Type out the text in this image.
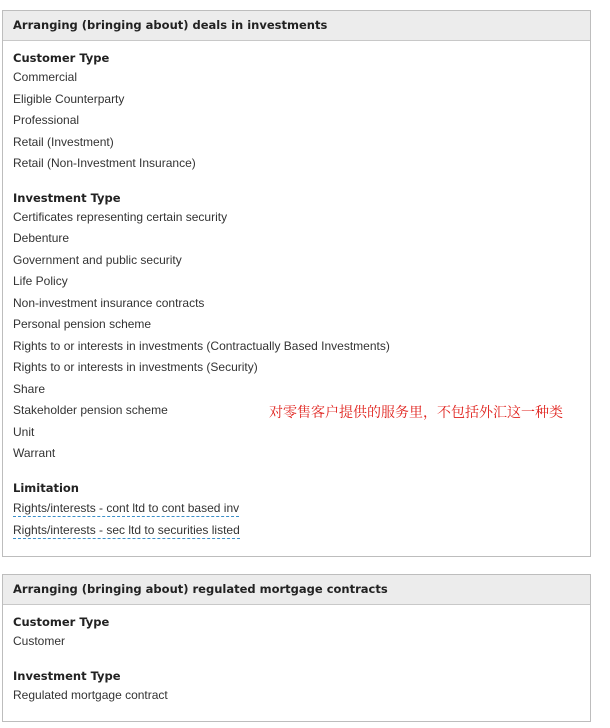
Arranging (bringing about) deals in investments
Customer Type
Commercial
Eligible Counterparty
Professional
Retail (Investment)
Retail (Non-Investment Insurance)
Investment Type
Certificates representing certain security
Debenture
Government and public security
Life Policy
Non-investment insurance contracts
Personal pension scheme
Rights to or interests in investments (Contractually Based Investments)
Rights to or interests in investments (Security)
Share
Stakeholder pension scheme
Unit
Warrant
Limitation
Rights/interests - cont ltd to cont based inv
Rights/interests - sec ltd to securities listed
对零售客户提供的服务里，不包括外汇这一种类
Arranging (bringing about) regulated mortgage contracts
Customer Type
Customer
Investment Type
Regulated mortgage contract
